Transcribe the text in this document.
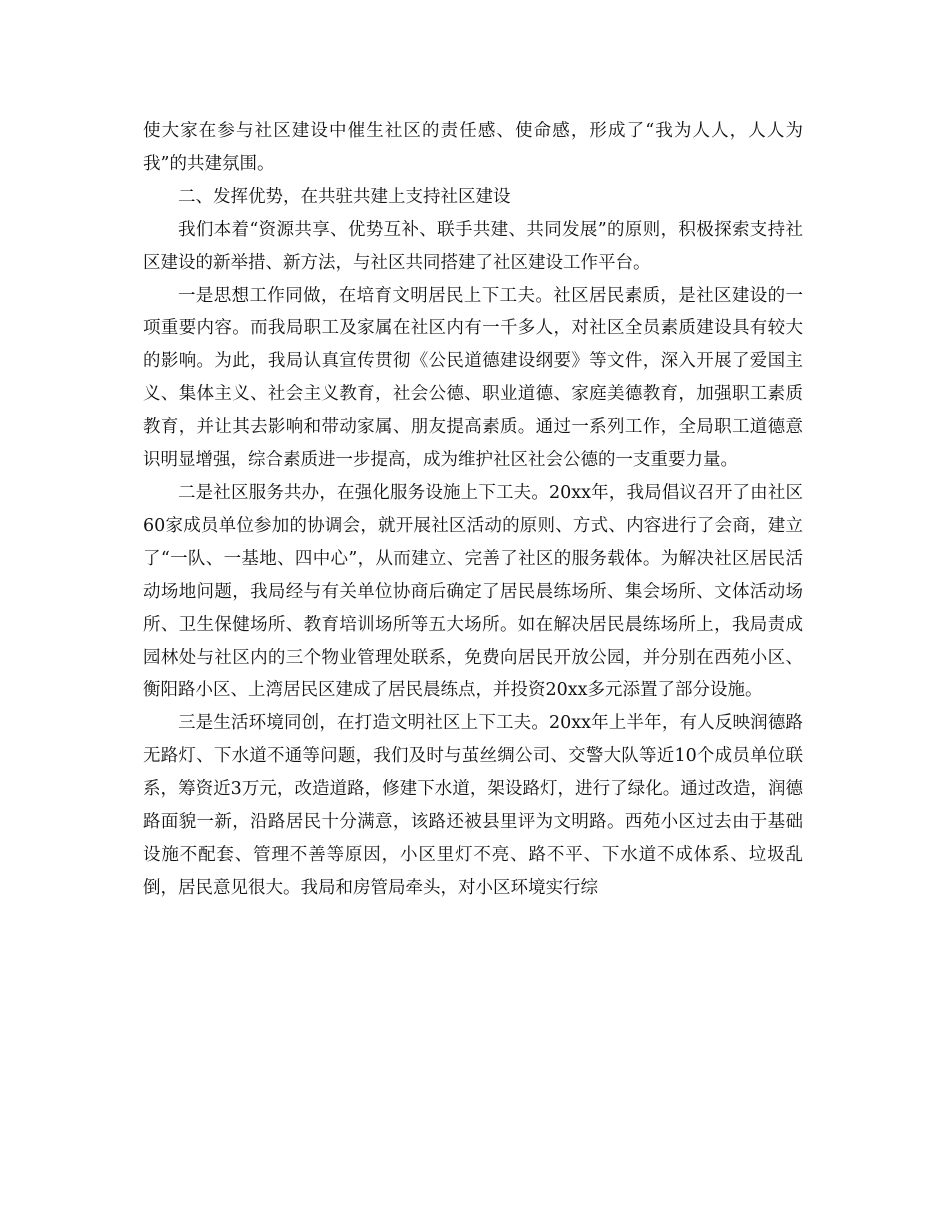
使大家在参与社区建设中催生社区的责任感、使命感，形成了“我为人人，人人为我”的共建氛围。

二、发挥优势，在共驻共建上支持社区建设

我们本着“资源共享、优势互补、联手共建、共同发展”的原则，积极探索支持社区建设的新举措、新方法，与社区共同搭建了社区建设工作平台。

一是思想工作同做，在培育文明居民上下工夫。社区居民素质，是社区建设的一项重要内容。而我局职工及家属在社区内有一千多人，对社区全员素质建设具有较大的影响。为此，我局认真宣传贯彻《公民道德建设纲要》等文件，深入开展了爱国主义、集体主义、社会主义教育，社会公德、职业道德、家庭美德教育，加强职工素质教育，并让其去影响和带动家属、朋友提高素质。通过一系列工作，全局职工道德意识明显增强，综合素质进一步提高，成为维护社区社会公德的一支重要力量。

二是社区服务共办，在强化服务设施上下工夫。20xx年，我局倡议召开了由社区60家成员单位参加的协调会，就开展社区活动的原则、方式、内容进行了会商，建立了“一队、一基地、四中心”，从而建立、完善了社区的服务载体。为解决社区居民活动场地问题，我局经与有关单位协商后确定了居民晨练场所、集会场所、文体活动场所、卫生保健场所、教育培训场所等五大场所。如在解决居民晨练场所上，我局责成园林处与社区内的三个物业管理处联系，免费向居民开放公园，并分别在西苑小区、衡阳路小区、上湾居民区建成了居民晨练点，并投资20xx多元添置了部分设施。

三是生活环境同创，在打造文明社区上下工夫。20xx年上半年，有人反映润德路无路灯、下水道不通等问题，我们及时与茧丝绸公司、交警大队等近10个成员单位联系，筹资近3万元，改造道路，修建下水道，架设路灯，进行了绿化。通过改造，润德路面貌一新，沿路居民十分满意，该路还被县里评为文明路。西苑小区过去由于基础设施不配套、管理不善等原因，小区里灯不亮、路不平、下水道不成体系、垃圾乱倒，居民意见很大。我局和房管局牵头，对小区环境实行综
